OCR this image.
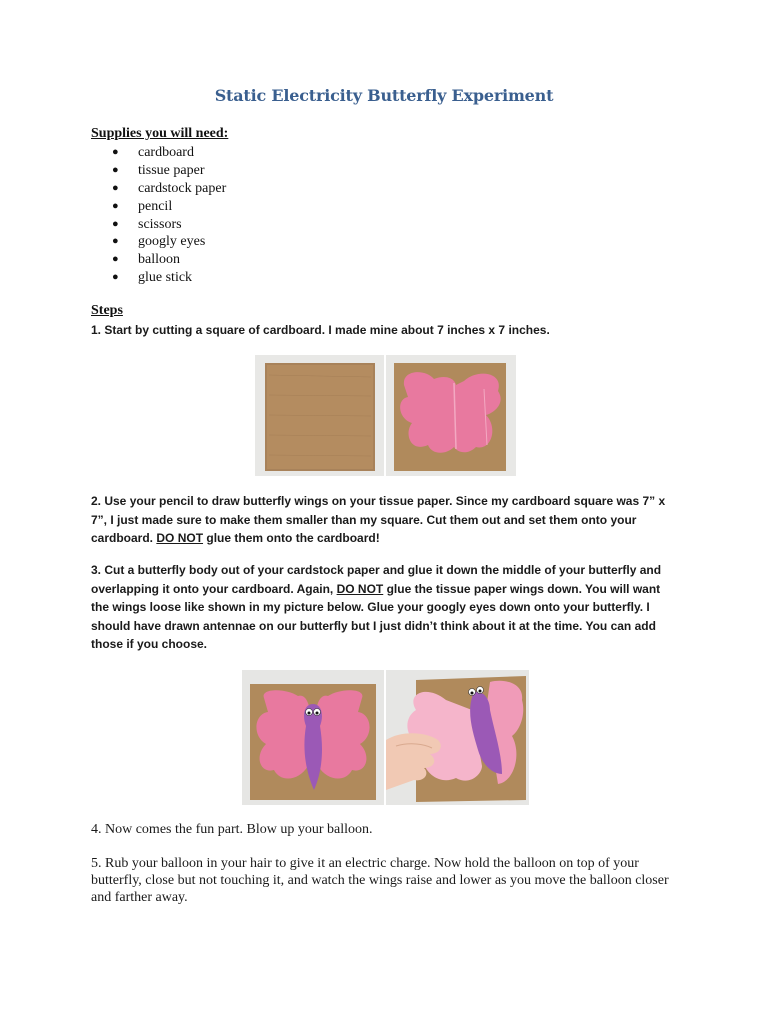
Static Electricity Butterfly Experiment
Supplies you will need:
● cardboard
● tissue paper
● cardstock paper
● pencil
● scissors
● googly eyes
● balloon
● glue stick
Steps
1. Start by cutting a square of cardboard. I made mine about 7 inches x 7 inches.
2. Use your pencil to draw butterfly wings on your tissue paper. Since my cardboard square was 7” x 7”, I just made sure to make them smaller than my square. Cut them out and set them onto your cardboard. DO NOT glue them onto the cardboard!
3. Cut a butterfly body out of your cardstock paper and glue it down the middle of your butterfly and overlapping it onto your cardboard. Again, DO NOT glue the tissue paper wings down. You will want the wings loose like shown in my picture below. Glue your googly eyes down onto your butterfly. I should have drawn antennae on our butterfly but I just didn’t think about it at the time. You can add those if you choose.
4. Now comes the fun part. Blow up your balloon.
5. Rub your balloon in your hair to give it an electric charge. Now hold the balloon on top of your butterfly, close but not touching it, and watch the wings raise and lower as you move the balloon closer and farther away.
